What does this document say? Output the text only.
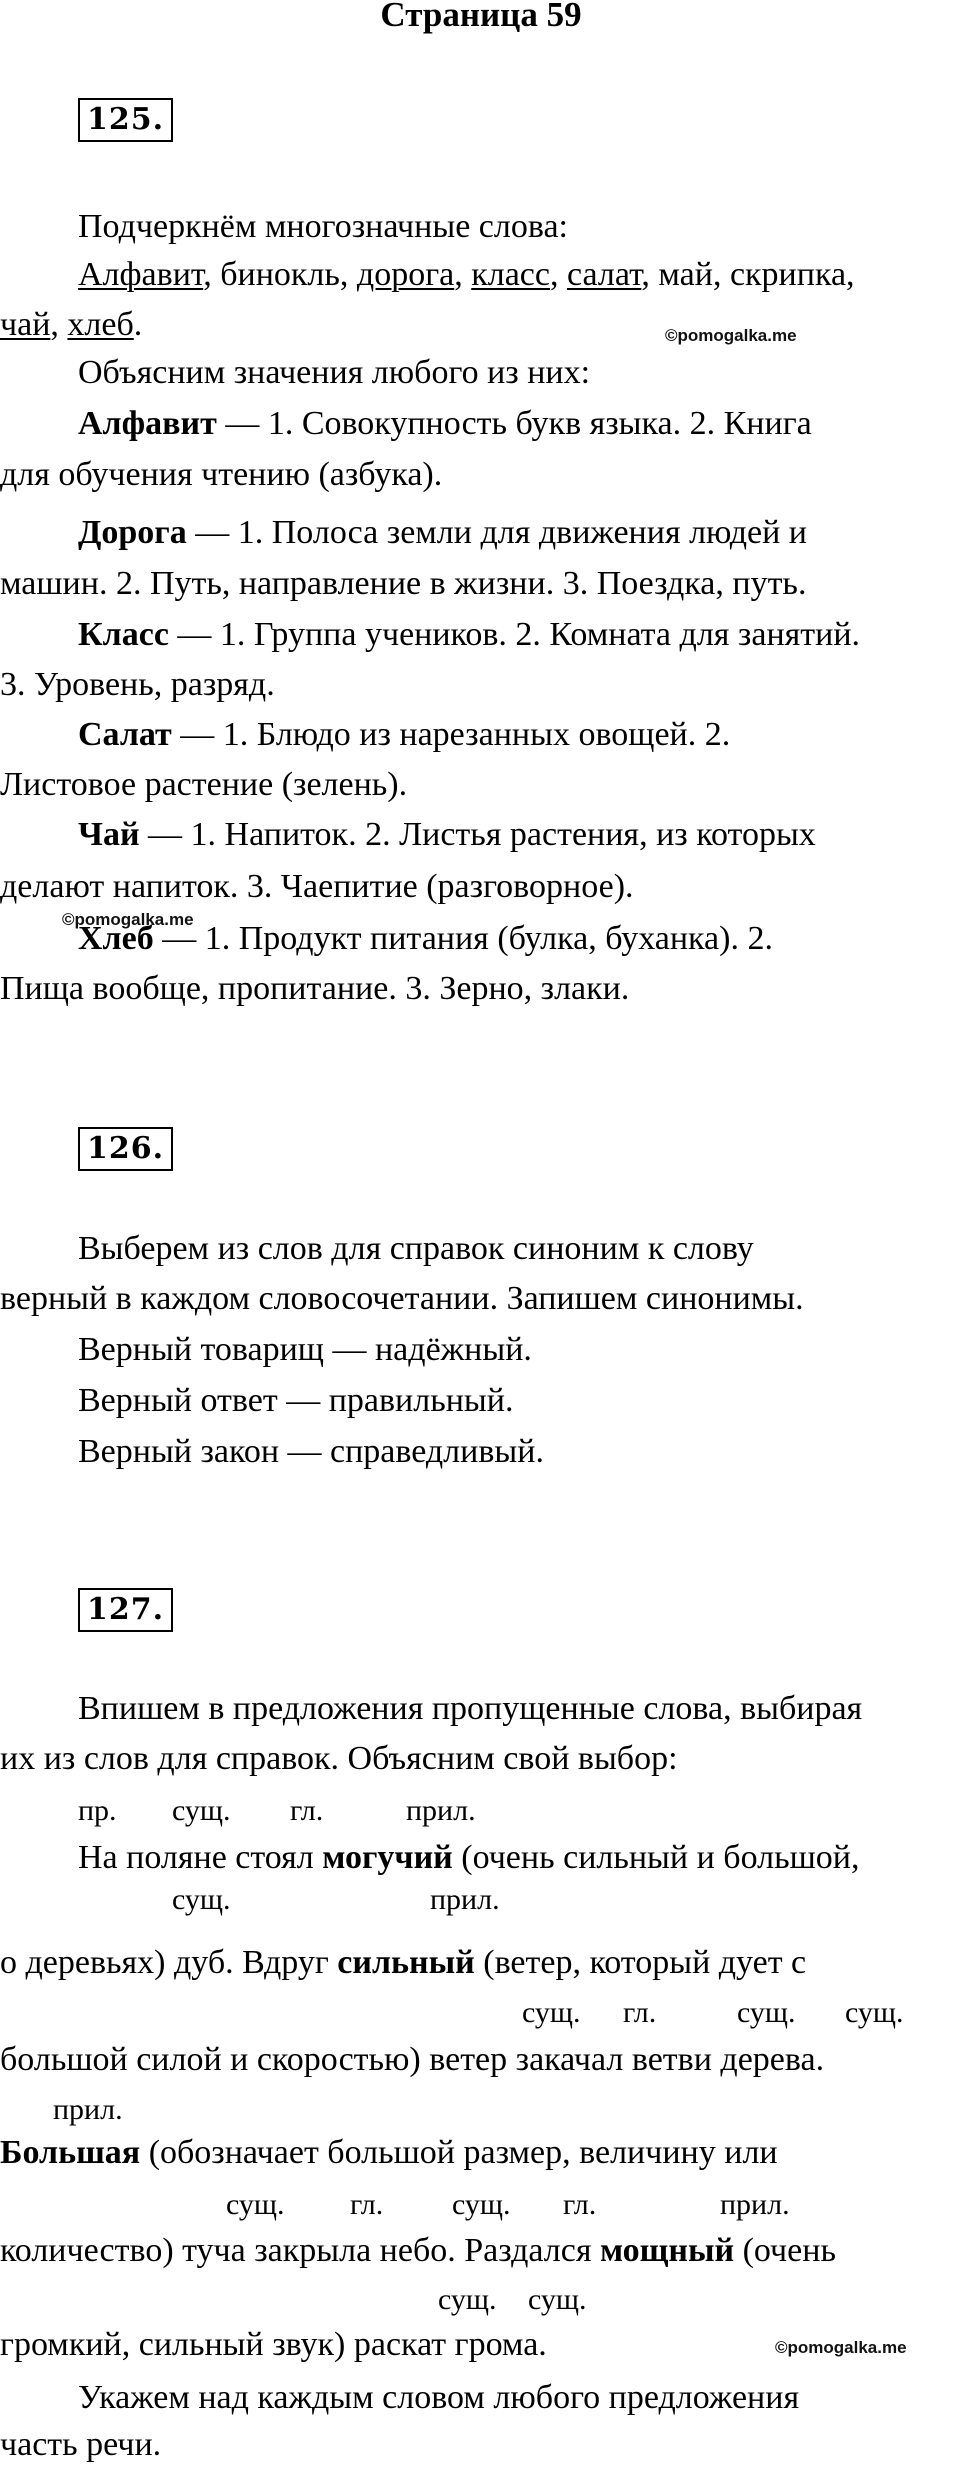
Страница 59
125.
Подчеркнём многозначные слова:
Алфавит, бинокль, дорога, класс, салат, май, скрипка,
чай, хлеб.	©pomogalka.me
Объясним значения любого из них:
Алфавит — 1. Совокупность букв языка. 2. Книга
для обучения чтению (азбука).
Дорога — 1. Полоса земли для движения людей и
машин. 2. Путь, направление в жизни. 3. Поездка, путь.
Класс — 1. Группа учеников. 2. Комната для занятий.
3. Уровень, разряд.
Салат — 1. Блюдо из нарезанных овощей. 2.
Листовое растение (зелень).
Чай — 1. Напиток. 2. Листья растения, из которых
делают напиток. 3. Чаепитие (разговорное).
©pomogalka.me
Хлеб — 1. Продукт питания (булка, буханка). 2.
Пища вообще, пропитание. 3. Зерно, злаки.
126.
Выберем из слов для справок синоним к слову
верный в каждом словосочетании. Запишем синонимы.
Верный товарищ — надёжный.
Верный ответ — правильный.
Верный закон — справедливый.
127.
Впишем в предложения пропущенные слова, выбирая
их из слов для справок. Объясним свой выбор:
пр. сущ. гл.	прил.
На поляне стоял могучий (очень сильный и большой,
сущ.	прил.
о деревьях) дуб. Вдруг сильный (ветер, который дует с
сущ. гл.	сущ. сущ.
большой силой и скоростью) ветер закачал ветви дерева.
прил.
Большая (обозначает большой размер, величину или
сущ. гл. сущ. гл.	прил.
количество) туча закрыла небо. Раздался мощный (очень
сущ. сущ.
громкий, сильный звук) раскат грома.	©pomogalka.me
Укажем над каждым словом любого предложения
часть речи.
